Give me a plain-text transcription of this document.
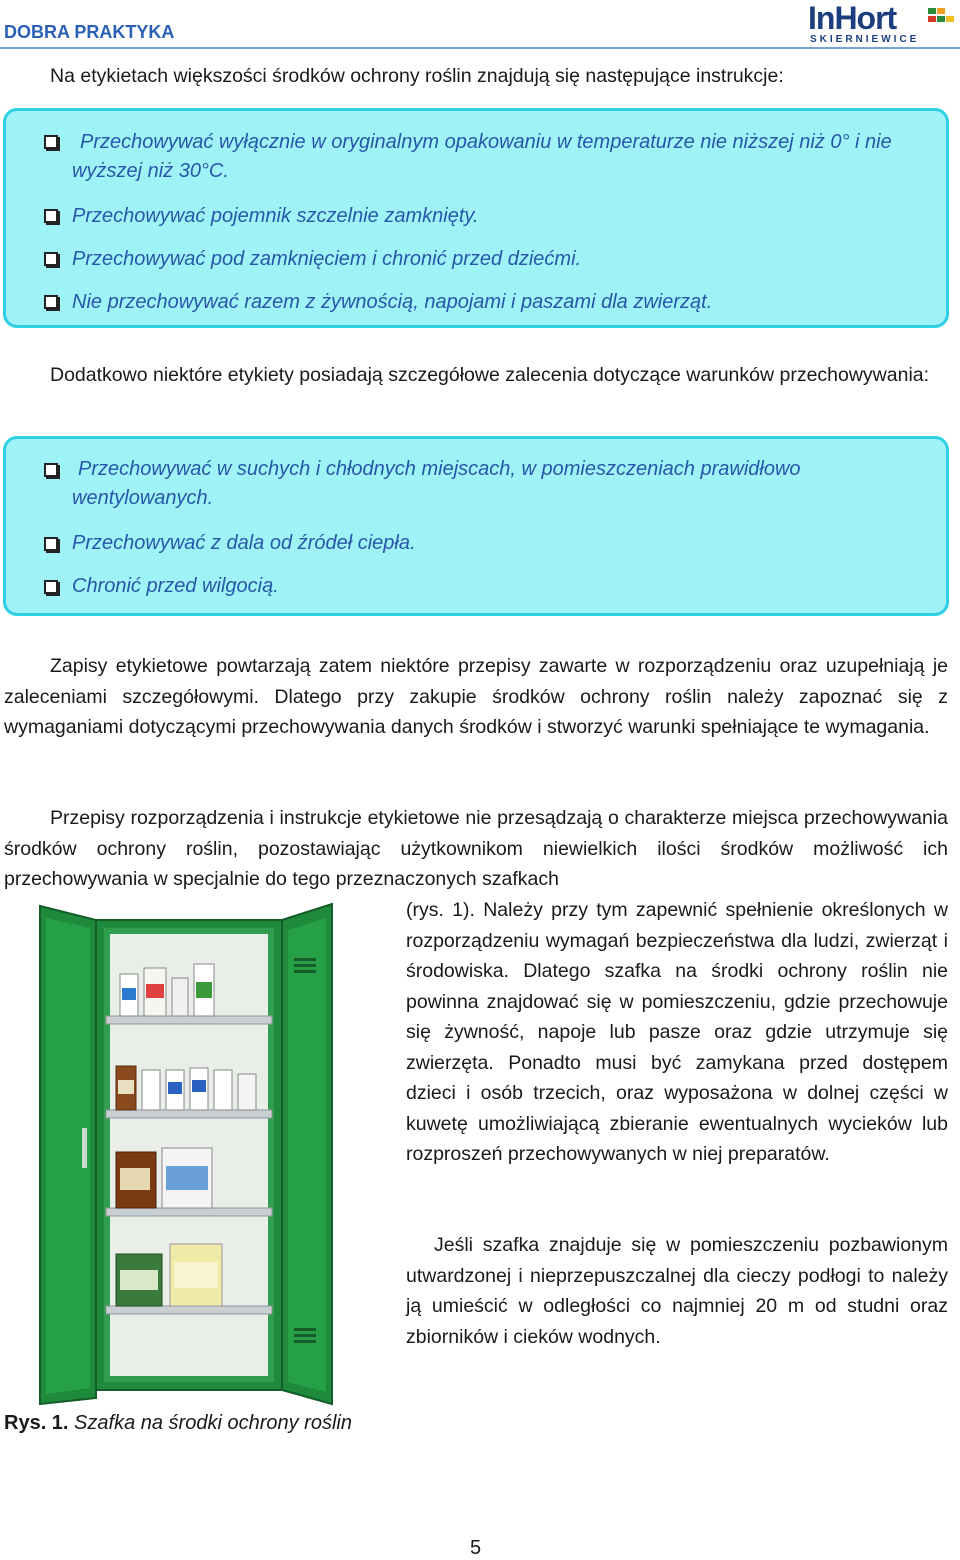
DOBRA PRAKTYKA	InHort
SKIERNIEWICE

Na etykietach większości środków ochrony roślin znajdują się następujące instrukcje:

Przechowywać wyłącznie w oryginalnym opakowaniu w temperaturze nie niższej niż 0° i nie wyższej niż 30°C.
Przechowywać pojemnik szczelnie zamknięty.
Przechowywać pod zamknięciem i chronić przed dziećmi.
Nie przechowywać razem z żywnością, napojami i paszami dla zwierząt.

Dodatkowo niektóre etykiety posiadają szczegółowe zalecenia dotyczące warunków przechowywania:

Przechowywać w suchych i chłodnych miejscach, w pomieszczeniach prawidłowo wentylowanych.
Przechowywać z dala od źródeł ciepła.
Chronić przed wilgocią.

Zapisy etykietowe powtarzają zatem niektóre przepisy zawarte w rozporządzeniu oraz uzupełniają je zaleceniami szczegółowymi. Dlatego przy zakupie środków ochrony roślin należy zapoznać się z wymaganiami dotyczącymi przechowywania danych środków i stworzyć warunki spełniające te wymagania.

Przepisy rozporządzenia i instrukcje etykietowe nie przesądzają o charakterze miejsca przechowywania środków ochrony roślin, pozostawiając użytkownikom niewielkich ilości środków możliwość ich przechowywania w specjalnie do tego przeznaczonych szafkach

(rys. 1). Należy przy tym zapewnić spełnienie określonych w rozporządzeniu wymagań bezpieczeństwa dla ludzi, zwierząt i środowiska. Dlatego szafka na środki ochrony roślin nie powinna znajdować się w pomieszczeniu, gdzie przechowuje się żywność, napoje lub pasze oraz gdzie utrzymuje się zwierzęta. Ponadto musi być zamykana przed dostępem dzieci i osób trzecich, oraz wyposażona w dolnej części w kuwetę umożliwiającą zbieranie ewentualnych wycieków lub rozproszeń przechowywanych w niej preparatów.

Jeśli szafka znajduje się w pomieszczeniu pozbawionym utwardzonej i nieprzepuszczalnej dla cieczy podłogi to należy ją umieścić w odległości co najmniej 20 m od studni oraz zbiorników i cieków wodnych.

Rys. 1. Szafka na środki ochrony roślin
5
